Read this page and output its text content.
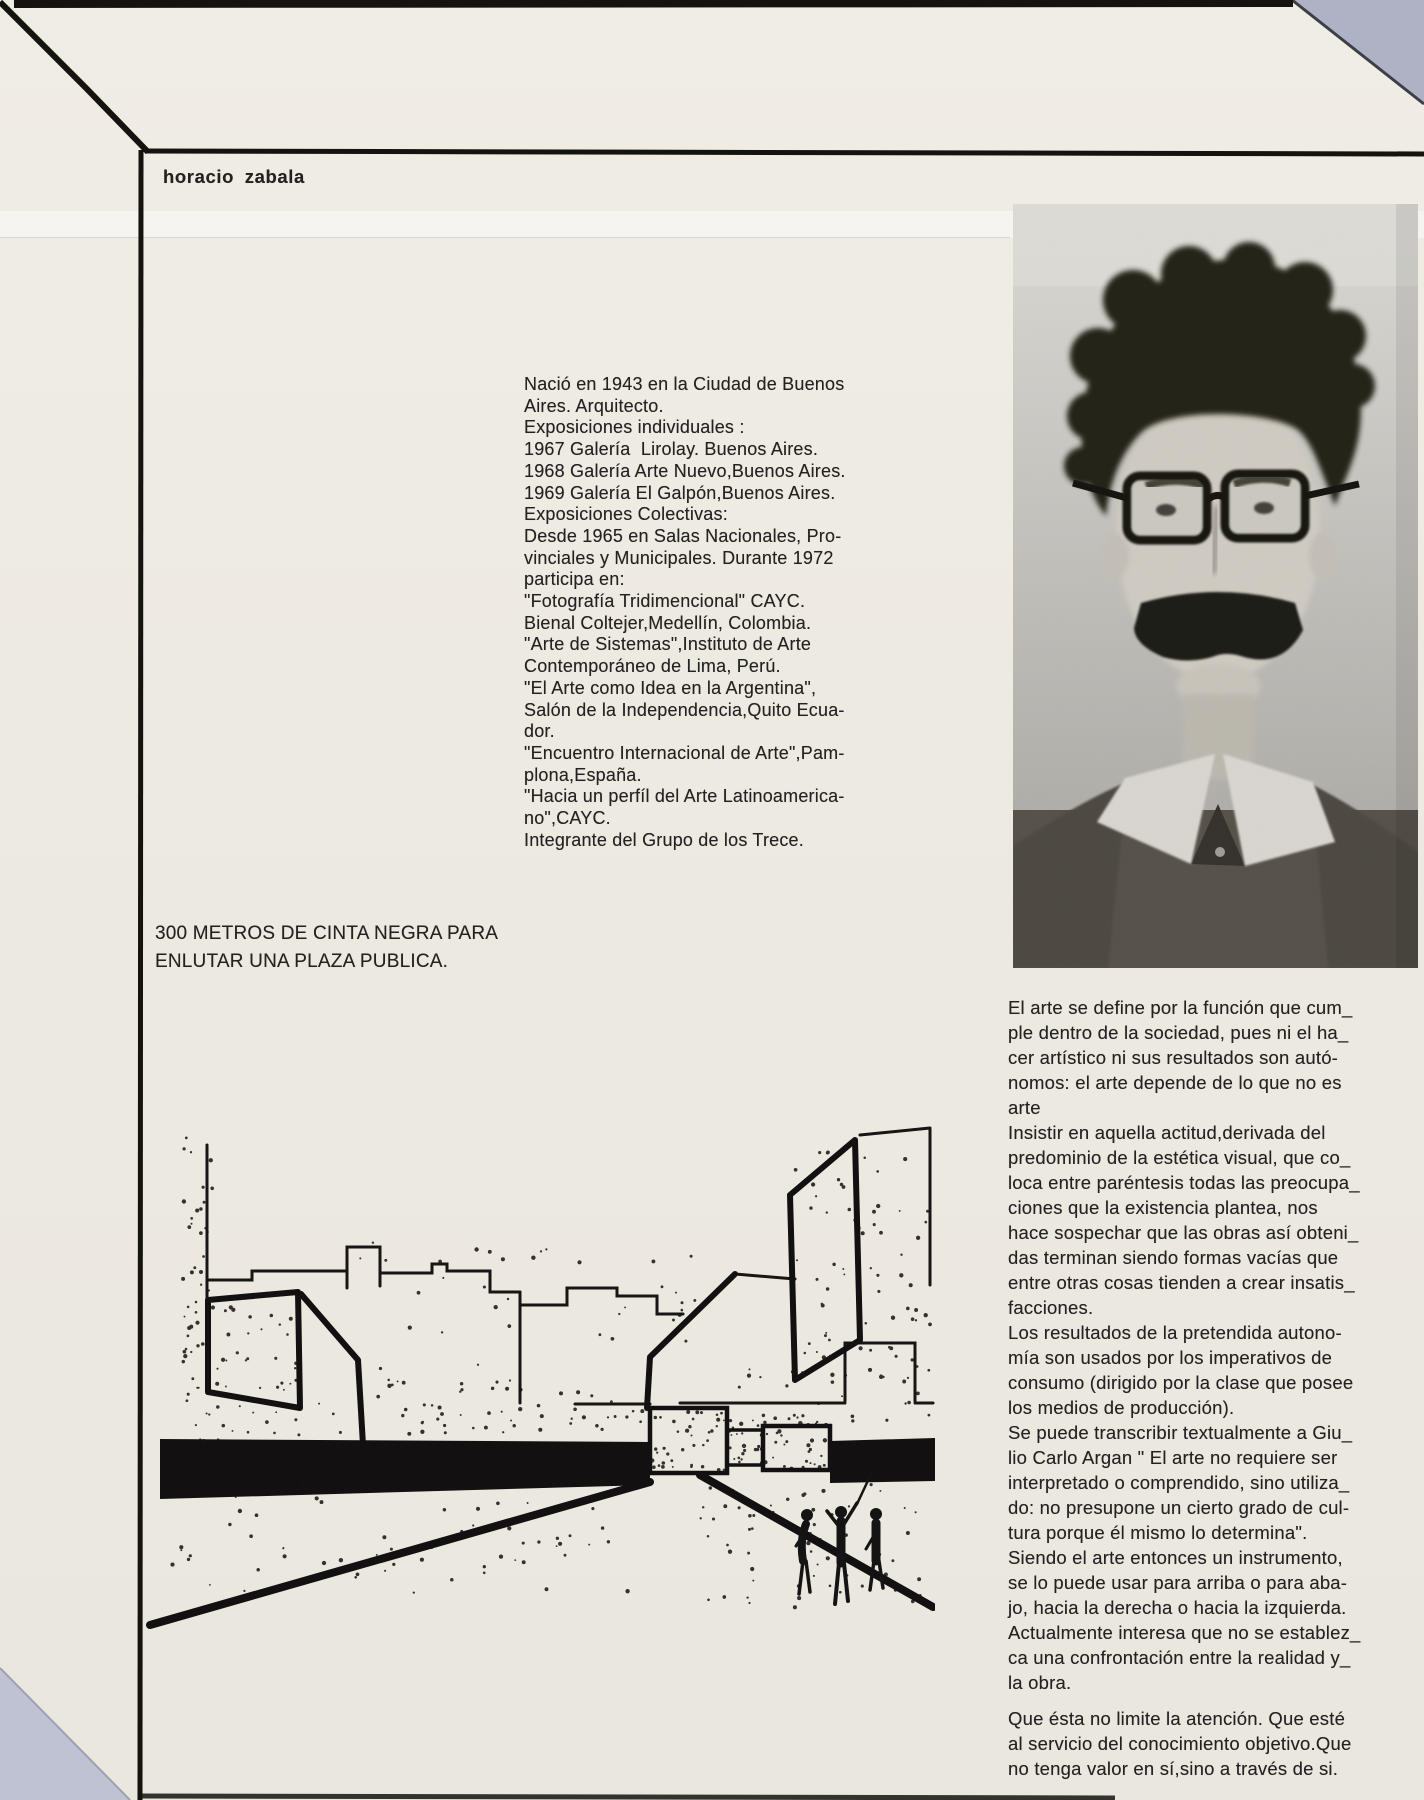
horacio zabala
Nació en 1943 en la Ciudad de Buenos
Aires. Arquitecto.
Exposiciones individuales :
1967 Galería  Lirolay. Buenos Aires.
1968 Galería Arte Nuevo,Buenos Aires.
1969 Galería El Galpón,Buenos Aires.
Exposiciones Colectivas:
Desde 1965 en Salas Nacionales, Pro-
vinciales y Municipales. Durante 1972
participa en:
"Fotografía Tridimencional" CAYC.
Bienal Coltejer,Medellín, Colombia.
"Arte de Sistemas",Instituto de Arte
Contemporáneo de Lima, Perú.
"El Arte como Idea en la Argentina",
Salón de la Independencia,Quito Ecua-
dor.
"Encuentro Internacional de Arte",Pam-
plona,España.
"Hacia un perfíl del Arte Latinoamerica-
no",CAYC.
Integrante del Grupo de los Trece.
300 METROS DE CINTA NEGRA PARA
ENLUTAR UNA PLAZA PUBLICA.
El arte se define por la función que cum_
ple dentro de la sociedad, pues ni el ha_
cer artístico ni sus resultados son autó-
nomos: el arte depende de lo que no es
arte
Insistir en aquella actitud,derivada del
predominio de la estética visual, que co_
loca entre paréntesis todas las preocupa_
ciones que la existencia plantea, nos
hace sospechar que las obras así obteni_
das terminan siendo formas vacías que
entre otras cosas tienden a crear insatis_
facciones.
Los resultados de la pretendida autono-
mía son usados por los imperativos de
consumo (dirigido por la clase que posee
los medios de producción).
Se puede transcribir textualmente a Giu_
lio Carlo Argan " El arte no requiere ser
interpretado o comprendido, sino utiliza_
do: no presupone un cierto grado de cul-
tura porque él mismo lo determina".
Siendo el arte entonces un instrumento,
se lo puede usar para arriba o para aba-
jo, hacia la derecha o hacia la izquierda.
Actualmente interesa que no se establez_
ca una confrontación entre la realidad y_
la obra.
Que ésta no limite la atención. Que esté
al servicio del conocimiento objetivo.Que
no tenga valor en sí,sino a través de si.
